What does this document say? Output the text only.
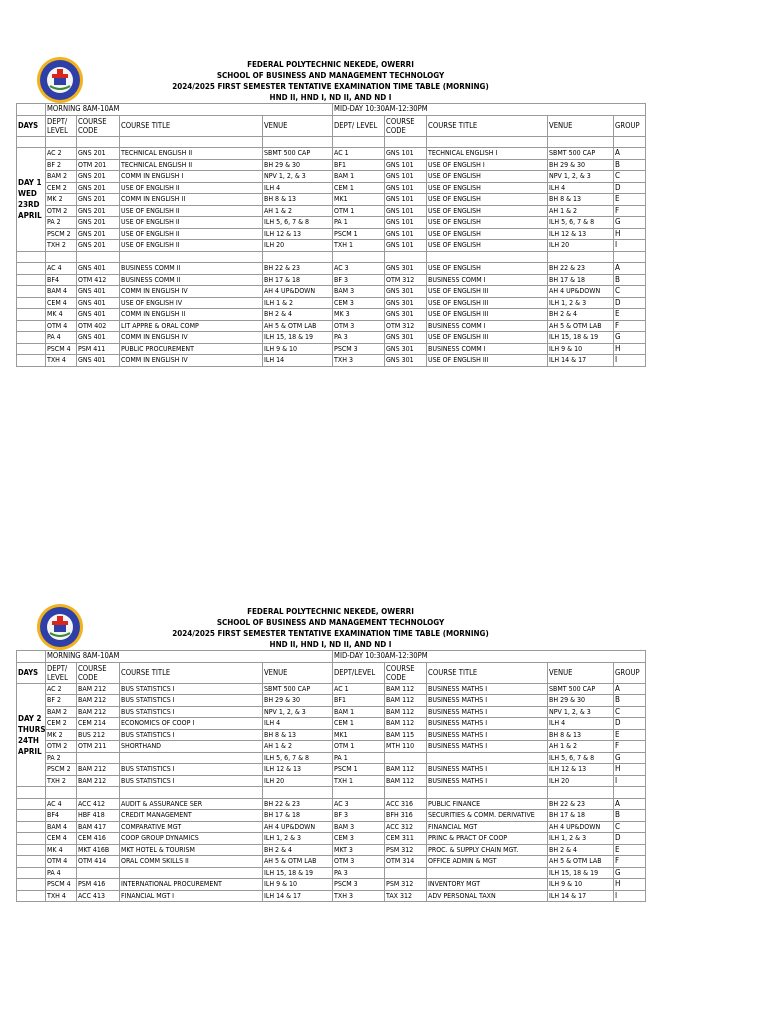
FEDERAL POLYTECHNIC NEKEDE, OWERRI
SCHOOL OF BUSINESS AND MANAGEMENT TECHNOLOGY
2024/2025 FIRST SEMESTER TENTATIVE EXAMINATION TIME TABLE (MORNING)
HND II, HND I, ND II, AND ND I
	MORNING 8AM-10AM				MID-DAY 10:30AM-12:30PM				
DAYS	DEPT/ LEVEL	COURSE CODE	COURSE TITLE	VENUE	DEPT/ LEVEL	COURSE CODE	COURSE TITLE	VENUE	GROUP

DAY 1
WED
23RD
APRIL	AC 2	GNS 201	TECHNICAL ENGLISH II	SBMT 500 CAP	AC 1	GNS 101	TECHNICAL ENGLISH I	SBMT 500 CAP	A
	BF 2	OTM 201	TECHNICAL ENGLISH II	BH 29 & 30	BF1	GNS 101	USE OF ENGLISH I	BH 29 & 30	B
	BAM 2	GNS 201	COMM IN ENGLISH I	NPV 1, 2, & 3	BAM 1	GNS 101	USE OF ENGLISH	NPV 1, 2, & 3	C
	CEM 2	GNS 201	USE OF ENGLISH II	ILH 4	CEM 1	GNS 101	USE OF ENGLISH	ILH 4	D
	MK 2	GNS 201	COMM IN ENGLISH II	BH 8 & 13	MK1	GNS 101	USE OF ENGLISH	BH 8 & 13	E
	OTM 2	GNS 201	USE OF ENGLISH II	AH 1 & 2	OTM 1	GNS 101	USE OF ENGLISH	AH 1 & 2	F
	PA 2	GNS 201	USE OF ENGLISH II	ILH 5, 6, 7 & 8	PA 1	GNS 101	USE OF ENGLISH	ILH 5, 6, 7 & 8	G
	PSCM 2	GNS 201	USE OF ENGLISH II	ILH 12 & 13	PSCM 1	GNS 101	USE OF ENGLISH	ILH 12 & 13	H
	TXH 2	GNS 201	USE OF ENGLISH II	ILH 20	TXH 1	GNS 101	USE OF ENGLISH	ILH 20	I

	AC 4	GNS 401	BUSINESS COMM II	BH 22 & 23	AC 3	GNS 301	USE OF ENGLISH	BH 22 & 23	A
	BF4	OTM 412	BUSINESS COMM II	BH 17 & 18	BF 3	OTM 312	BUSINESS COMM I	BH 17 & 18	B
	BAM 4	GNS 401	COMM IN ENGLISH IV	AH 4 UP&DOWN	BAM 3	GNS 301	USE OF ENGLISH III	AH 4 UP&DOWN	C
	CEM 4	GNS 401	USE OF ENGLISH IV	ILH 1 & 2	CEM 3	GNS 301	USE OF ENGLISH III	ILH 1, 2 & 3	D
	MK 4	GNS 401	COMM IN ENGLISH II	BH 2 & 4	MK 3	GNS 301	USE OF ENGLISH III	BH 2 & 4	E
	OTM 4	OTM 402	LIT APPRE & ORAL COMP	AH 5 & OTM LAB	OTM 3	OTM 312	BUSINESS COMM I	AH 5 & OTM LAB	F
	PA 4	GNS 401	COMM IN ENGLISH IV	ILH 15, 18 & 19	PA 3	GNS 301	USE OF ENGLISH III	ILH 15, 18 & 19	G
	PSCM 4	PSM 411	PUBLIC PROCUREMENT	ILH 9 & 10	PSCM 3	GNS 301	BUSINESS COMM I	ILH 9 & 10	H
	TXH 4	GNS 401	COMM IN ENGLISH IV	ILH 14	TXH 3	GNS 301	USE OF ENGLISH III	ILH 14 & 17	I
FEDERAL POLYTECHNIC NEKEDE, OWERRI
SCHOOL OF BUSINESS AND MANAGEMENT TECHNOLOGY
2024/2025 FIRST SEMESTER TENTATIVE EXAMINATION TIME TABLE (MORNING)
HND II, HND I, ND II, AND ND I
	MORNING 8AM-10AM				MID-DAY 10:30AM-12:30PM				
DAYS	DEPT/ LEVEL	COURSE CODE	COURSE TITLE	VENUE	DEPT/LEVEL	COURSE CODE	COURSE TITLE	VENUE	GROUP

DAY 2
THURS
24TH
APRIL	AC 2	BAM 212	BUS STATISTICS I	SBMT 500 CAP	AC 1	BAM 112	BUSINESS MATHS I	SBMT 500 CAP	A
	BF 2	BAM 212	BUS STATISTICS I	BH 29 & 30	BF1	BAM 112	BUSINESS MATHS I	BH 29 & 30	B
	BAM 2	BAM 212	BUS STATISTICS I	NPV 1, 2, & 3	BAM 1	BAM 112	BUSINESS MATHS I	NPV 1, 2, & 3	C
	CEM 2	CEM 214	ECONOMICS OF COOP I	ILH 4	CEM 1	BAM 112	BUSINESS MATHS I	ILH 4	D
	MK 2	BUS 212	BUS STATISTICS I	BH 8 & 13	MK1	BAM 115	BUSINESS MATHS I	BH 8 & 13	E
	OTM 2	OTM 211	SHORTHAND	AH 1 & 2	OTM 1	MTH 110	BUSINESS MATHS I	AH 1 & 2	F
	PA 2			ILH 5, 6, 7 & 8	PA 1			ILH 5, 6, 7 & 8	G
	PSCM 2	BAM 212	BUS STATISTICS I	ILH 12 & 13	PSCM 1	BAM 112	BUSINESS MATHS I	ILH 12 & 13	H
	TXH 2	BAM 212	BUS STATISTICS I	ILH 20	TXH 1	BAM 112	BUSINESS MATHS I	ILH 20	I

	AC 4	ACC 412	AUDIT & ASSURANCE SER	BH 22 & 23	AC 3	ACC 316	PUBLIC FINANCE	BH 22 & 23	A
	BF4	HBF 418	CREDIT MANAGEMENT	BH 17 & 18	BF 3	BFH 316	SECURITIES & COMM. DERIVATIVE	BH 17 & 18	B
	BAM 4	BAM 417	COMPARATIVE MGT	AH 4 UP&DOWN	BAM 3	ACC 312	FINANCIAL MGT	AH 4 UP&DOWN	C
	CEM 4	CEM 416	COOP GROUP DYNAMICS	ILH 1, 2 & 3	CEM 3	CEM 311	PRINC & PRACT OF COOP	ILH 1, 2 & 3	D
	MK 4	MKT 416B	MKT HOTEL & TOURISM	BH 2 & 4	MKT 3	PSM 312	PROC. & SUPPLY CHAIN MGT.	BH 2 & 4	E
	OTM 4	OTM 414	ORAL COMM SKILLS II	AH 5 & OTM LAB	OTM 3	OTM 314	OFFICE ADMIN & MGT	AH 5 & OTM LAB	F
	PA 4			ILH 15, 18 & 19	PA 3			ILH 15, 18 & 19	G
	PSCM 4	PSM 416	INTERNATIONAL PROCUREMENT	ILH 9 & 10	PSCM 3	PSM 312	INVENTORY MGT	ILH 9 & 10	H
	TXH 4	ACC 413	FINANCIAL MGT I	ILH 14 & 17	TXH 3	TAX 312	ADV PERSONAL TAXN	ILH 14 & 17	I
